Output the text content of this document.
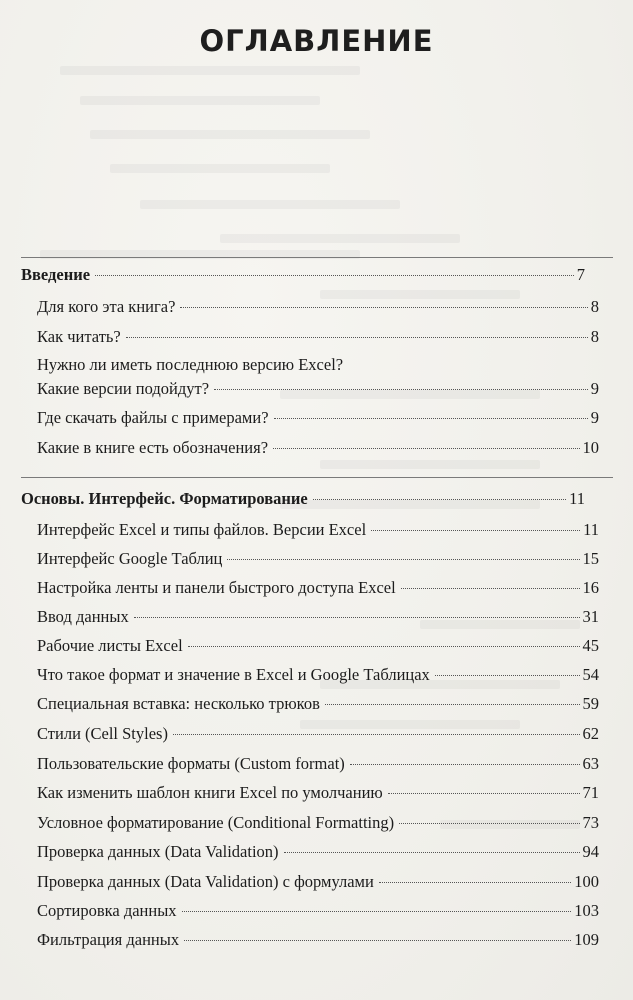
ОГЛАВЛЕНИЕ
Введение	7
Для кого эта книга?	8
Как читать?	8
Нужно ли иметь последнюю версию Excel?
Какие версии подойдут?	9
Где скачать файлы с примерами?	9
Какие в книге есть обозначения?	10
Основы. Интерфейс. Форматирование	11
Интерфейс Excel и типы файлов. Версии Excel	11
Интерфейс Google Таблиц	15
Настройка ленты и панели быстрого доступа Excel	16
Ввод данных	31
Рабочие листы Excel	45
Что такое формат и значение в Excel и Google Таблицах	54
Специальная вставка: несколько трюков	59
Стили (Cell Styles)	62
Пользовательские форматы (Custom format)	63
Как изменить шаблон книги Excel по умолчанию	71
Условное форматирование (Conditional Formatting)	73
Проверка данных (Data Validation)	94
Проверка данных (Data Validation) с формулами	100
Сортировка данных	103
Фильтрация данных	109
